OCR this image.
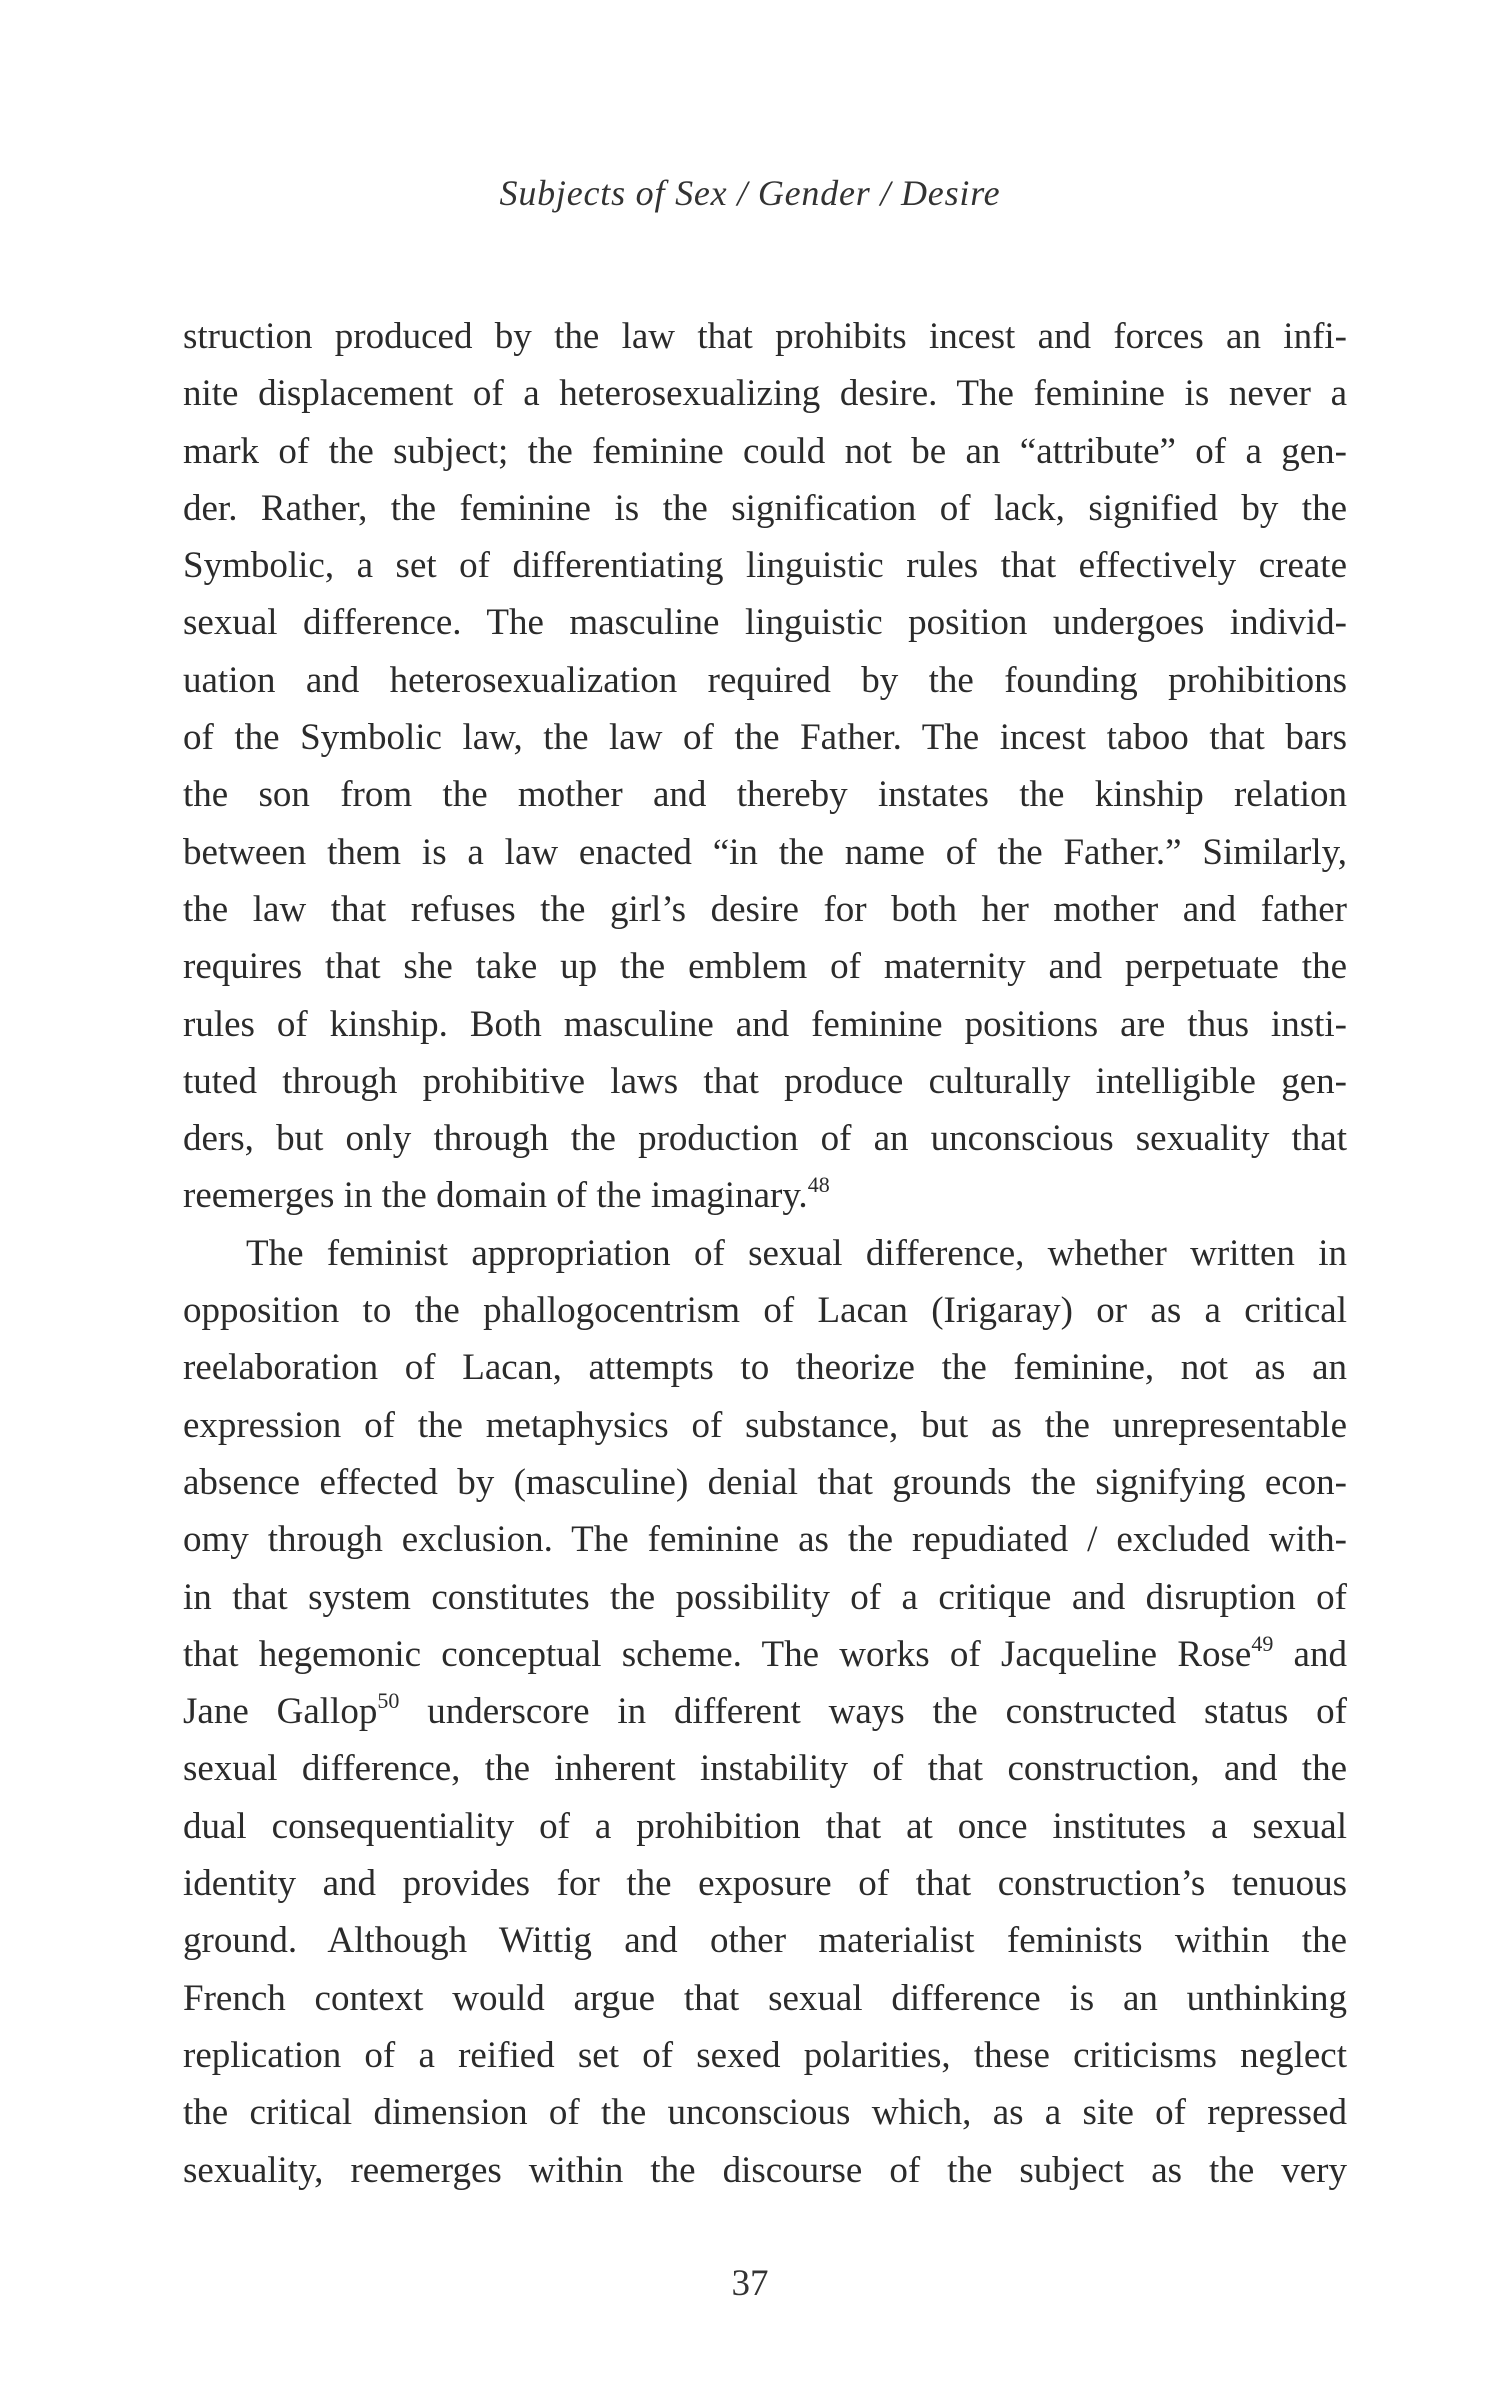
Subjects of Sex / Gender / Desire

struction produced by the law that prohibits incest and forces an infi-

nite displacement of a heterosexualizing desire. The feminine is never a

mark of the subject; the feminine could not be an “attribute” of a gen-

der. Rather, the feminine is the signification of lack, signified by the

Symbolic, a set of differentiating linguistic rules that effectively create

sexual difference. The masculine linguistic position undergoes individ-

uation and heterosexualization required by the founding prohibitions

of the Symbolic law, the law of the Father. The incest taboo that bars

the son from the mother and thereby instates the kinship relation

between them is a law enacted “in the name of the Father.” Similarly,

the law that refuses the girl’s desire for both her mother and father

requires that she take up the emblem of maternity and perpetuate the

rules of kinship. Both masculine and feminine positions are thus insti-

tuted through prohibitive laws that produce culturally intelligible gen-

ders, but only through the production of an unconscious sexuality that

reemerges in the domain of the imaginary.$^{48}$

The feminist appropriation of sexual difference, whether written in

opposition to the phallogocentrism of Lacan (Irigaray) or as a critical

reelaboration of Lacan, attempts to theorize the feminine, not as an

expression of the metaphysics of substance, but as the unrepresentable

absence effected by (masculine) denial that grounds the signifying econ-

omy through exclusion. The feminine as the repudiated / excluded with-

in that system constitutes the possibility of a critique and disruption of

that hegemonic conceptual scheme. The works of Jacqueline Rose$^{49}$ and

Jane Gallop$^{50}$ underscore in different ways the constructed status of

sexual difference, the inherent instability of that construction, and the

dual consequentiality of a prohibition that at once institutes a sexual

identity and provides for the exposure of that construction’s tenuous

ground. Although Wittig and other materialist feminists within the

French context would argue that sexual difference is an unthinking

replication of a reified set of sexed polarities, these criticisms neglect

the critical dimension of the unconscious which, as a site of repressed

sexuality, reemerges within the discourse of the subject as the very

37
